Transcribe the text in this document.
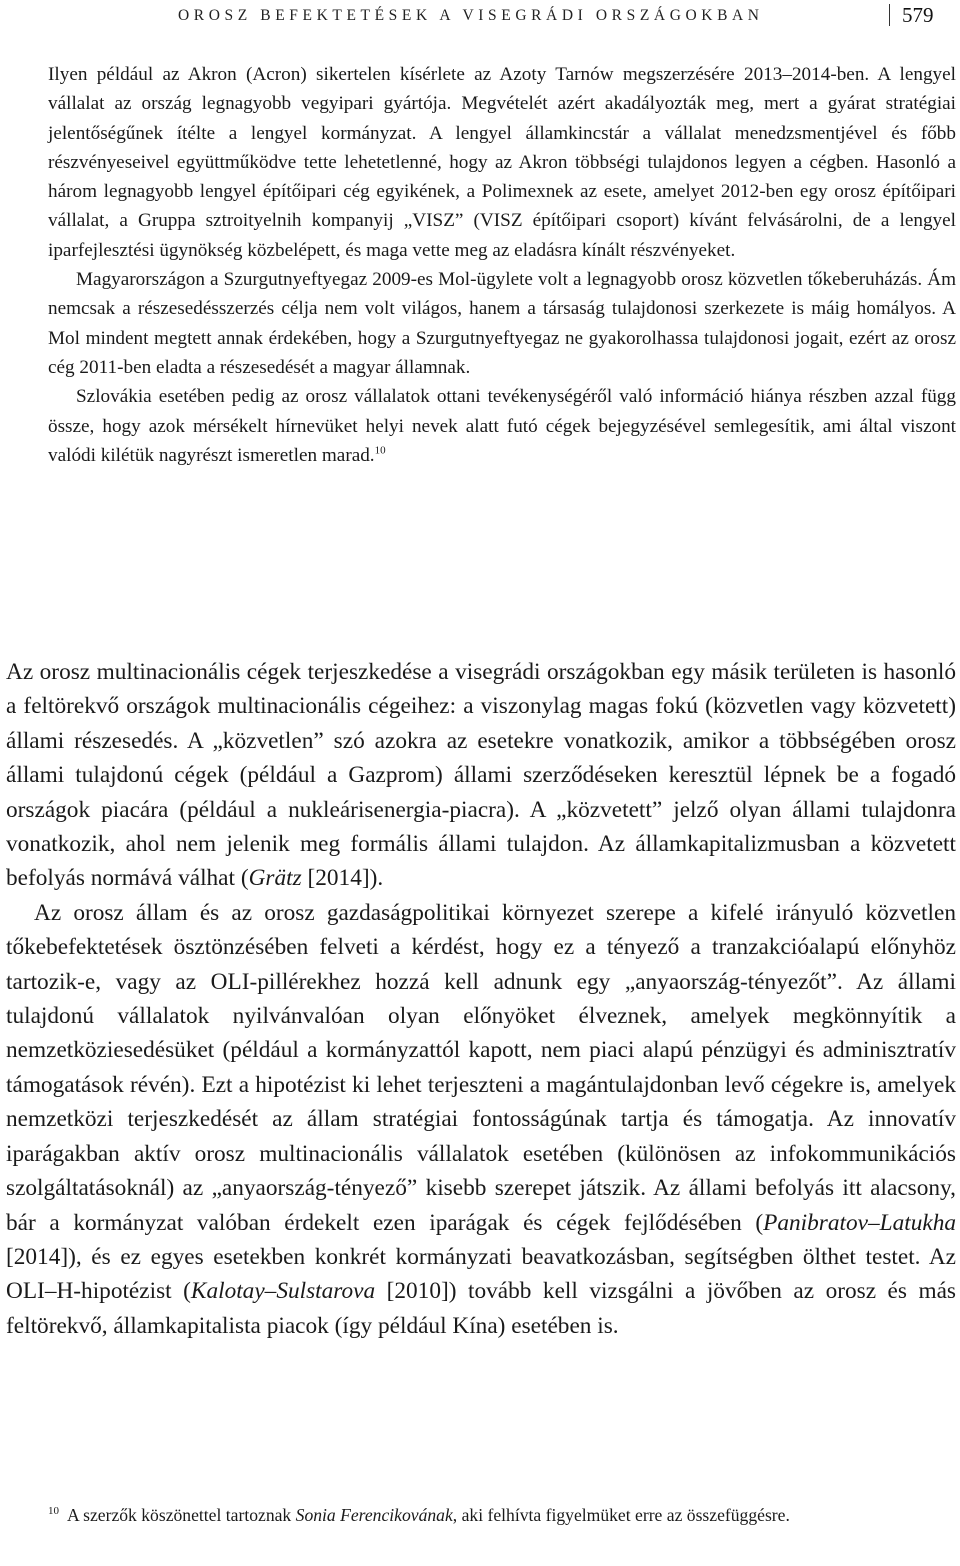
OROSZ BEFEKTETÉSEK A VISEGRÁDI ORSZÁGOKBAN	579

Ilyen például az Akron (Acron) sikertelen kísérlete az Azoty Tarnów megszerzésére 2013–2014-ben. A lengyel vállalat az ország legnagyobb vegyipari gyártója. Megvételét azért akadályozták meg, mert a gyárat stratégiai jelentőségűnek ítélte a lengyel kormányzat. A lengyel államkincstár a vállalat menedzsmentjével és főbb részvényeseivel együttműködve tette lehetetlenné, hogy az Akron többségi tulajdonos legyen a cégben. Hasonló a három legnagyobb lengyel építőipari cég egyikének, a Polimexnek az esete, amelyet 2012-ben egy orosz építőipari vállalat, a Gruppa sztroityelnih kompanyij „VISZ” (VISZ építőipari csoport) kívánt felvásárolni, de a lengyel iparfejlesztési ügynökség közbelépett, és maga vette meg az eladásra kínált részvényeket.

Magyarországon a Szurgutnyeftyegaz 2009-es Mol-ügylete volt a legnagyobb orosz közvetlen tőkeberuházás. Ám nemcsak a részesedésszerzés célja nem volt világos, hanem a társaság tulajdonosi szerkezete is máig homályos. A Mol mindent megtett annak érdekében, hogy a Szurgutnyeftyegaz ne gyakorolhassa tulajdonosi jogait, ezért az orosz cég 2011-ben eladta a részesedését a magyar államnak.

Szlovákia esetében pedig az orosz vállalatok ottani tevékenységéről való információ hiánya részben azzal függ össze, hogy azok mérsékelt hírnevüket helyi nevek alatt futó cégek bejegyzésével semlegesítik, ami által viszont valódi kilétük nagyrészt ismeretlen marad.$^{10}$

Az orosz multinacionális cégek terjeszkedése a visegrádi országokban egy másik területen is hasonló a feltörekvő országok multinacionális cégeihez: a viszonylag magas fokú (közvetlen vagy közvetett) állami részesedés. A „közvetlen” szó azokra az esetekre vonatkozik, amikor a többségében orosz állami tulajdonú cégek (például a Gazprom) állami szerződéseken keresztül lépnek be a fogadó országok piacára (például a nukleárisenergia-piacra). A „közvetett” jelző olyan állami tulajdonra vonatkozik, ahol nem jelenik meg formális állami tulajdon. Az államkapitalizmusban a közvetett befolyás normává válhat (Grätz [2014]).

Az orosz állam és az orosz gazdaságpolitikai környezet szerepe a kifelé irányuló közvetlen tőkebefektetések ösztönzésében felveti a kérdést, hogy ez a tényező a tranzakcióalapú előnyhöz tartozik-e, vagy az OLI-pillérekhez hozzá kell adnunk egy „anyaország-tényezőt”. Az állami tulajdonú vállalatok nyilvánvalóan olyan előnyöket élveznek, amelyek megkönnyítik a nemzetköziesedésüket (például a kormányzattól kapott, nem piaci alapú pénzügyi és adminisztratív támogatások révén). Ezt a hipotézist ki lehet terjeszteni a magántulajdonban levő cégekre is, amelyek nemzetközi terjeszkedését az állam stratégiai fontosságúnak tartja és támogatja. Az innovatív iparágakban aktív orosz multinacionális vállalatok esetében (különösen az infokommunikációs szolgáltatásoknál) az „anyaország-tényező” kisebb szerepet játszik. Az állami befolyás itt alacsony, bár a kormányzat valóban érdekelt ezen iparágak és cégek fejlődésében (Panibratov–Latukha [2014]), és ez egyes esetekben konkrét kormányzati beavatkozásban, segítségben ölthet testet. Az OLI–H-hipotézist (Kalotay–Sulstarova [2010]) tovább kell vizsgálni a jövőben az orosz és más feltörekvő, államkapitalista piacok (így például Kína) esetében is.

$^{10}$ A szerzők köszönettel tartoznak Sonia Ferencikovának, aki felhívta figyelmüket erre az összefüggésre.
